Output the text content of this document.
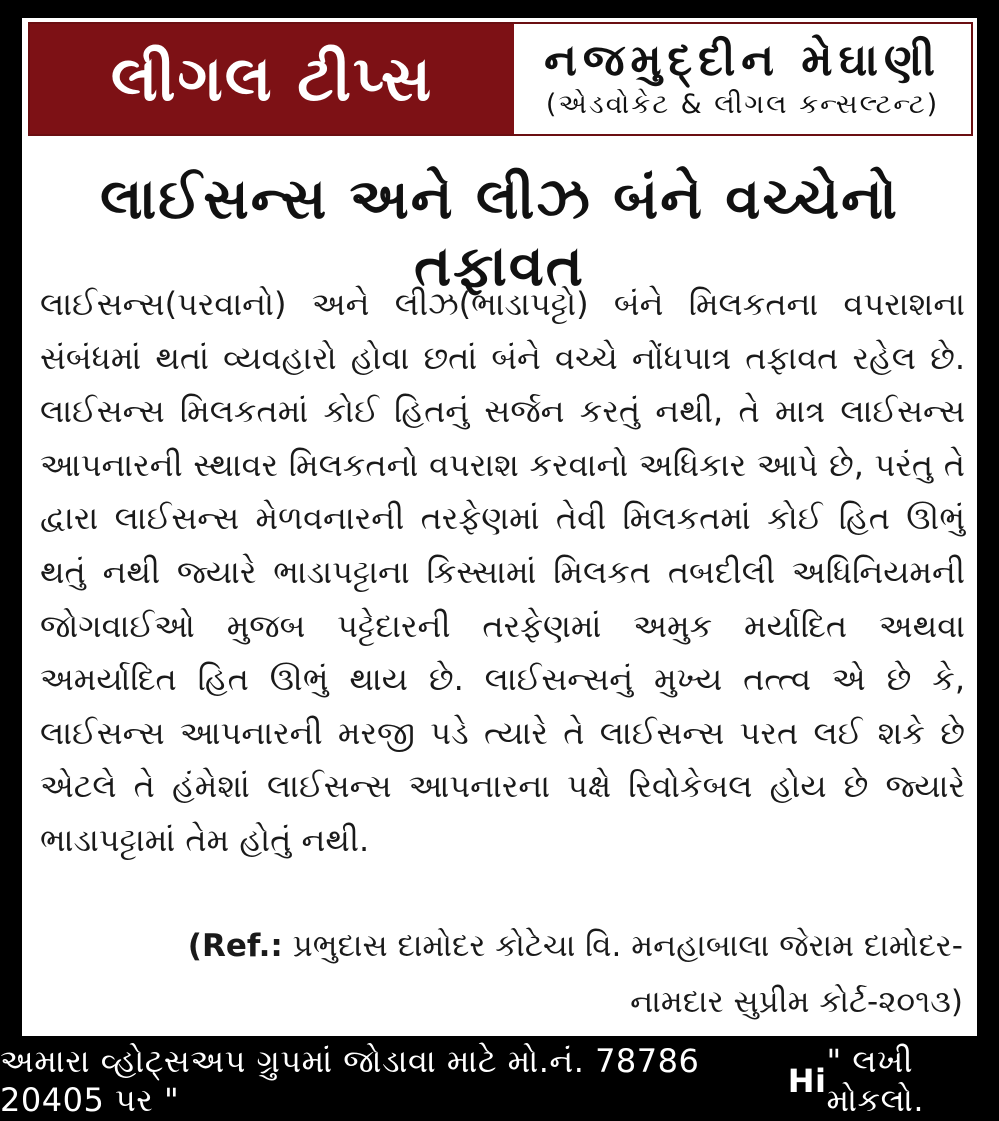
લીગલ ટીપ્સ	નજમુદ્દીન મેઘાણી
(એડવોકેટ & લીગલ કન્સલ્ટન્ટ)
લાઈસન્સ અને લીઝ બંને વચ્ચેનો તફાવત

લાઈસન્સ(પરવાનો) અને લીઝ(ભાડાપટ્ટો) બંને મિલકતના વપરાશના સંબંધમાં થતાં વ્યવહારો હોવા છતાં બંને વચ્ચે નોંધપાત્ર તફાવત રહેલ છે. લાઈસન્સ મિલકતમાં કોઈ હિતનું સર્જન કરતું નથી, તે માત્ર લાઈસન્સ આપનારની સ્થાવર મિલકતનો વપરાશ કરવાનો અધિકાર આપે છે, પરંતુ તે દ્વારા લાઈસન્સ મેળવનારની તરફેણમાં તેવી મિલકતમાં કોઈ હિત ઊભું થતું નથી જ્યારે ભાડાપટ્ટાના કિસ્સામાં મિલકત તબદીલી અધિનિયમની જોગવાઈઓ મુજબ પટ્ટેદારની તરફેણમાં અમુક મર્યાદિત અથવા અમર્યાદિત હિત ઊભું થાય છે. લાઈસન્સનું મુખ્ય તત્ત્વ એ છે કે, લાઈસન્સ આપનારની મરજી પડે ત્યારે તે લાઈસન્સ પરત લઈ શકે છે એટલે તે હંમેશાં લાઈસન્સ આપનારના પક્ષે રિવોકેબલ હોય છે જ્યારે ભાડાપટ્ટામાં તેમ હોતું નથી.

(Ref.: પ્રભુદાસ દામોદર કોટેચા વિ. મનહાબાલા જેરામ દામોદર- નામદાર સુપ્રીમ કોર્ટ-૨૦૧૩)
અમારા વ્હોટ્સઅપ ગ્રુપમાં જોડાવા માટે મો.નં. 78786 20405 પર "	Hi
" લખી મોકલો.
